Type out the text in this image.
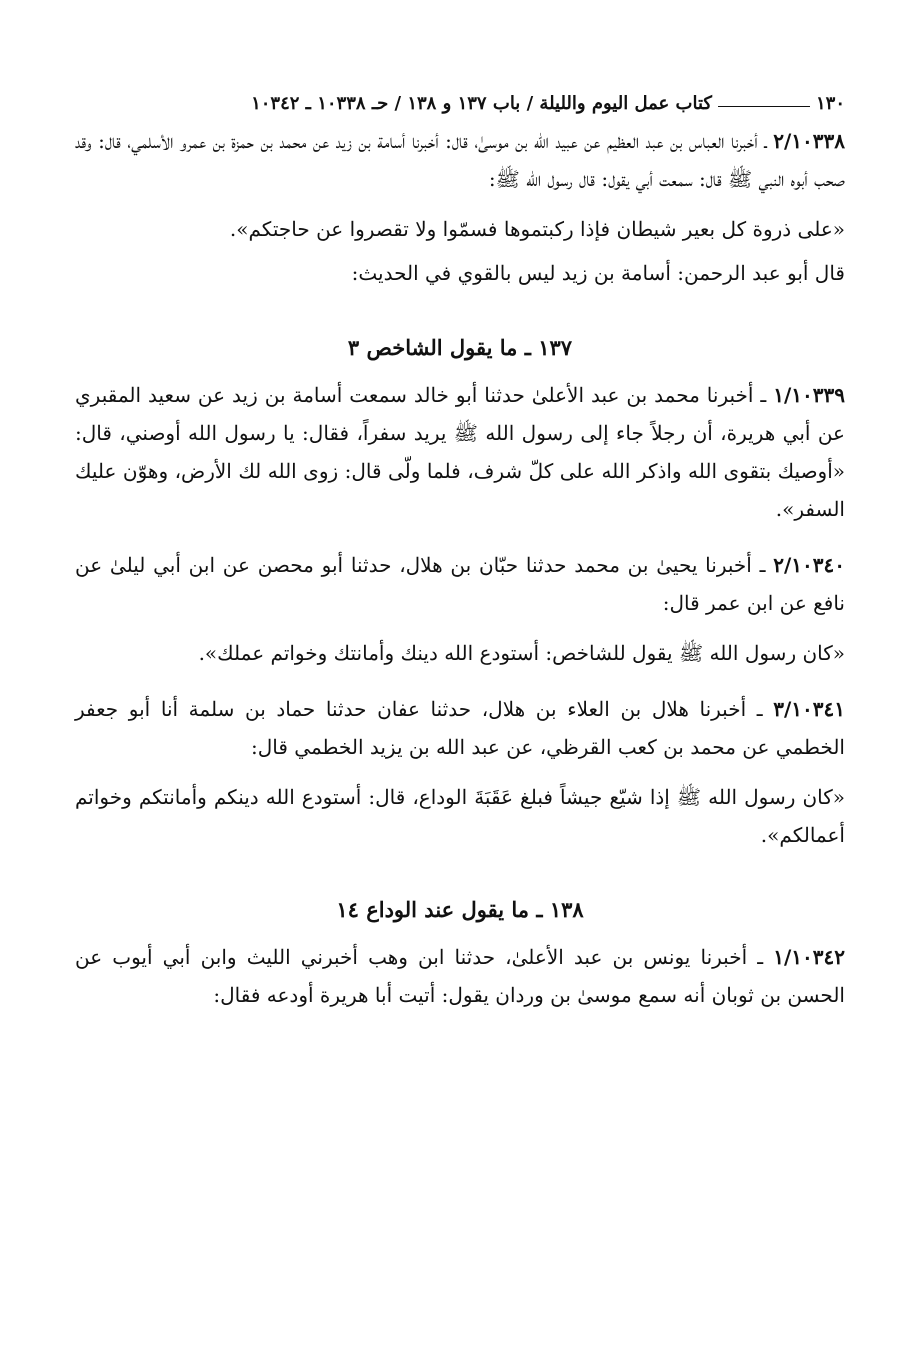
١٣٠
كتاب عمل اليوم والليلة / باب ١٣٧ و ١٣٨ / حـ ١٠٣٣٨ ـ ١٠٣٤٢

٢/١٠٣٣٨ ـ أخبرنا العباس بن عبد العظيم عن عبيد الله بن موسىٰ، قال: أخبرنا أسامة بن زيد عن محمد بن حمزة بن عمرو الأسلمي، قال: وقد صحب أبوه النبي ﷺ قال: سمعت أبي يقول: قال رسول الله ﷺ:

«على ذروة كل بعير شيطان فإذا ركبتموها فسمّوا ولا تقصروا عن حاجتكم».

قال أبو عبد الرحمن: أسامة بن زيد ليس بالقوي في الحديث:

١٣٧ ـ ما يقول الشاخص ٣

١/١٠٣٣٩ ـ أخبرنا محمد بن عبد الأعلىٰ حدثنا أبو خالد سمعت أسامة بن زيد عن سعيد المقبري عن أبي هريرة، أن رجلاً جاء إلى رسول الله ﷺ يريد سفراً، فقال: يا رسول الله أوصني، قال: «أوصيك بتقوى الله واذكر الله على كلّ شرف، فلما ولّى قال: زوى الله لك الأرض، وهوّن عليك السفر».

٢/١٠٣٤٠ ـ أخبرنا يحيىٰ بن محمد حدثنا حبّان بن هلال، حدثنا أبو محصن عن ابن أبي ليلىٰ عن نافع عن ابن عمر قال:

«كان رسول الله ﷺ يقول للشاخص: أستودع الله دينك وأمانتك وخواتم عملك».

٣/١٠٣٤١ ـ أخبرنا هلال بن العلاء بن هلال، حدثنا عفان حدثنا حماد بن سلمة أنا أبو جعفر الخطمي عن محمد بن كعب القرظي، عن عبد الله بن يزيد الخطمي قال:

«كان رسول الله ﷺ إذا شيّع جيشاً فبلغ عَقَبَةَ الوداع، قال: أستودع الله دينكم وأمانتكم وخواتم أعمالكم».

١٣٨ ـ ما يقول عند الوداع ١٤

١/١٠٣٤٢ ـ أخبرنا يونس بن عبد الأعلىٰ، حدثنا ابن وهب أخبرني الليث وابن أبي أيوب عن الحسن بن ثوبان أنه سمع موسىٰ بن وردان يقول: أتيت أبا هريرة أودعه فقال:
